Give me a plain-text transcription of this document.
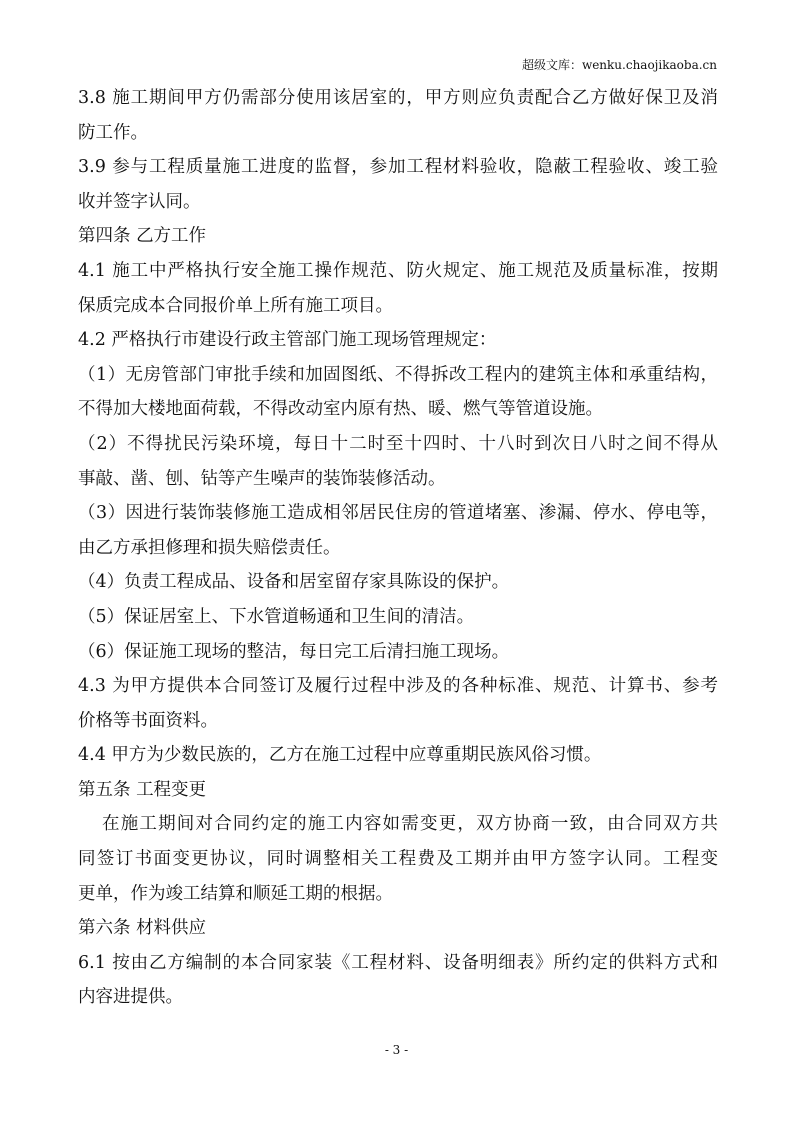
超级文库：wenku.chaojikaoba.cn
3.8 施工期间甲方仍需部分使用该居室的，甲方则应负责配合乙方做好保卫及消
防工作。
3.9 参与工程质量施工进度的监督，参加工程材料验收，隐蔽工程验收、竣工验
收并签字认同。
第四条 乙方工作
4.1 施工中严格执行安全施工操作规范、防火规定、施工规范及质量标准，按期
保质完成本合同报价单上所有施工项目。
4.2 严格执行市建设行政主管部门施工现场管理规定：
（1）无房管部门审批手续和加固图纸、不得拆改工程内的建筑主体和承重结构，
不得加大楼地面荷载，不得改动室内原有热、暖、燃气等管道设施。
（2）不得扰民污染环境，每日十二时至十四时、十八时到次日八时之间不得从
事敲、凿、刨、钻等产生噪声的装饰装修活动。
（3）因进行装饰装修施工造成相邻居民住房的管道堵塞、渗漏、停水、停电等，
由乙方承担修理和损失赔偿责任。
（4）负责工程成品、设备和居室留存家具陈设的保护。
（5）保证居室上、下水管道畅通和卫生间的清洁。
（6）保证施工现场的整洁，每日完工后清扫施工现场。
4.3 为甲方提供本合同签订及履行过程中涉及的各种标准、规范、计算书、参考
价格等书面资料。
4.4 甲方为少数民族的，乙方在施工过程中应尊重期民族风俗习惯。
第五条 工程变更
在施工期间对合同约定的施工内容如需变更，双方协商一致，由合同双方共
同签订书面变更协议，同时调整相关工程费及工期并由甲方签字认同。工程变
更单，作为竣工结算和顺延工期的根据。
第六条 材料供应
6.1 按由乙方编制的本合同家装《工程材料、设备明细表》所约定的供料方式和
内容进提供。
- 3 -
